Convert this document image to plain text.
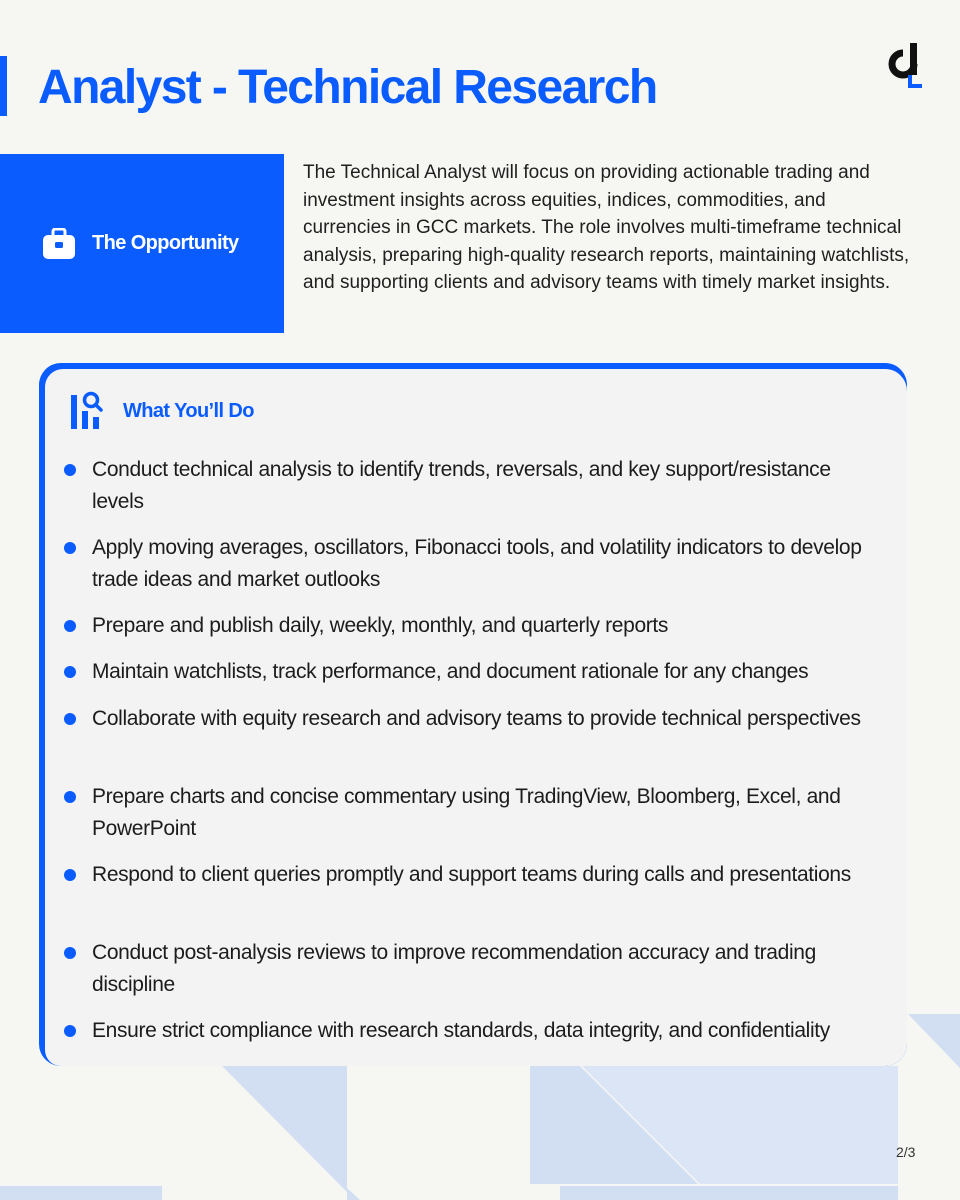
Analyst - Technical Research
The Opportunity

The Technical Analyst will focus on providing actionable trading and investment insights across equities, indices, commodities, and currencies in GCC markets. The role involves multi-timeframe technical analysis, preparing high-quality research reports, maintaining watchlists, and supporting clients and advisory teams with timely market insights.

What You’ll Do
Conduct technical analysis to identify trends, reversals, and key support/resistance levels
Apply moving averages, oscillators, Fibonacci tools, and volatility indicators to develop trade ideas and market outlooks
Prepare and publish daily, weekly, monthly, and quarterly reports
Maintain watchlists, track performance, and document rationale for any changes
Collaborate with equity research and advisory teams to provide technical perspectives
Prepare charts and concise commentary using TradingView, Bloomberg, Excel, and PowerPoint
Respond to client queries promptly and support teams during calls and presentations
Conduct post-analysis reviews to improve recommendation accuracy and trading discipline
Ensure strict compliance with research standards, data integrity, and confidentiality
2/3
